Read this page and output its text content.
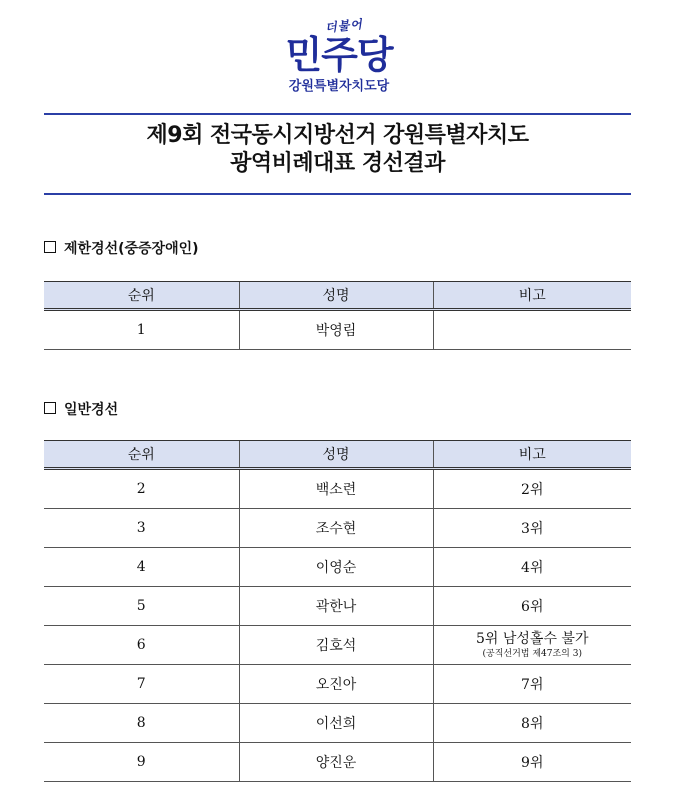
더불어
민주당
강원특별자치도당
제9회 전국동시지방선거 강원특별자치도
광역비례대표 경선결과
제한경선(중증장애인)
순위	성명	비고
1	박영림	
일반경선
순위	성명	비고
2	백소련	2위
3	조수현	3위
4	이영순	4위
5	곽한나	6위
6	김호석	5위 남성홀수 불가
(공직선거법 제47조의 3)

7	오진아	7위
8	이선희	8위
9	양진운	9위
